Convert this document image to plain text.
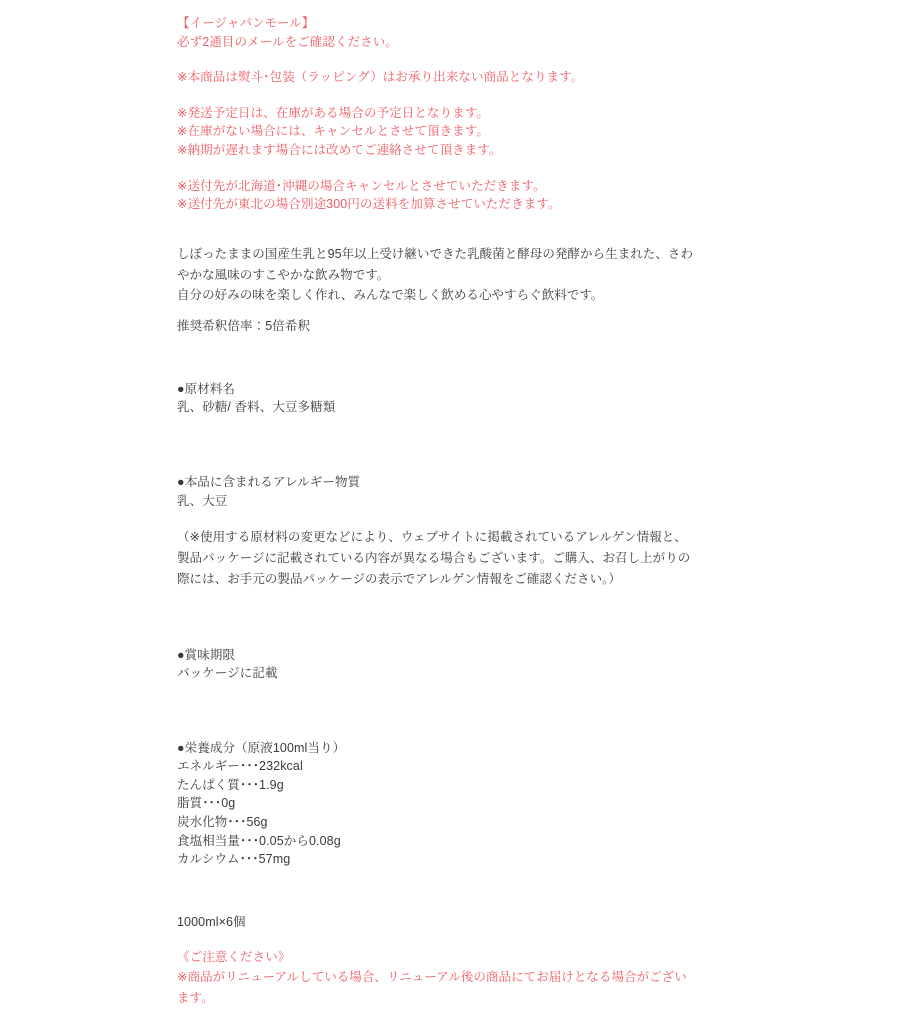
【イージャパンモール】
必ず2通目のメールをご確認ください。
※本商品は熨斗･包装（ラッピング）はお承り出来ない商品となります。
※発送予定日は、在庫がある場合の予定日となります。
※在庫がない場合には、キャンセルとさせて頂きます。
※納期が遅れます場合には改めてご連絡させて頂きます。
※送付先が北海道･沖縄の場合キャンセルとさせていただきます。
※送付先が東北の場合別途300円の送料を加算させていただきます。
しぼったままの国産生乳と95年以上受け継いできた乳酸菌と酵母の発酵から生まれた、さわやかな風味のすこやかな飲み物です。
自分の好みの味を楽しく作れ、みんなで楽しく飲める心やすらぐ飲料です。
推奨希釈倍率：5倍希釈
●原材料名
乳、砂糖/ 香料、大豆多糖類
●本品に含まれるアレルギー物質
乳、大豆
（※使用する原材料の変更などにより、ウェブサイトに掲載されているアレルゲン情報と、製品パッケージに記載されている内容が異なる場合もございます。ご購入、お召し上がりの際には、お手元の製品パッケージの表示でアレルゲン情報をご確認ください。）
●賞味期限
パッケージに記載
●栄養成分（原液100ml当り）
エネルギー･･･232kcal
たんぱく質･･･1.9g
脂質･･･0g
炭水化物･･･56g
食塩相当量･･･0.05から0.08g
カルシウム･･･57mg
1000ml×6個
《ご注意ください》
※商品がリニューアルしている場合、リニューアル後の商品にてお届けとなる場合がございます。
